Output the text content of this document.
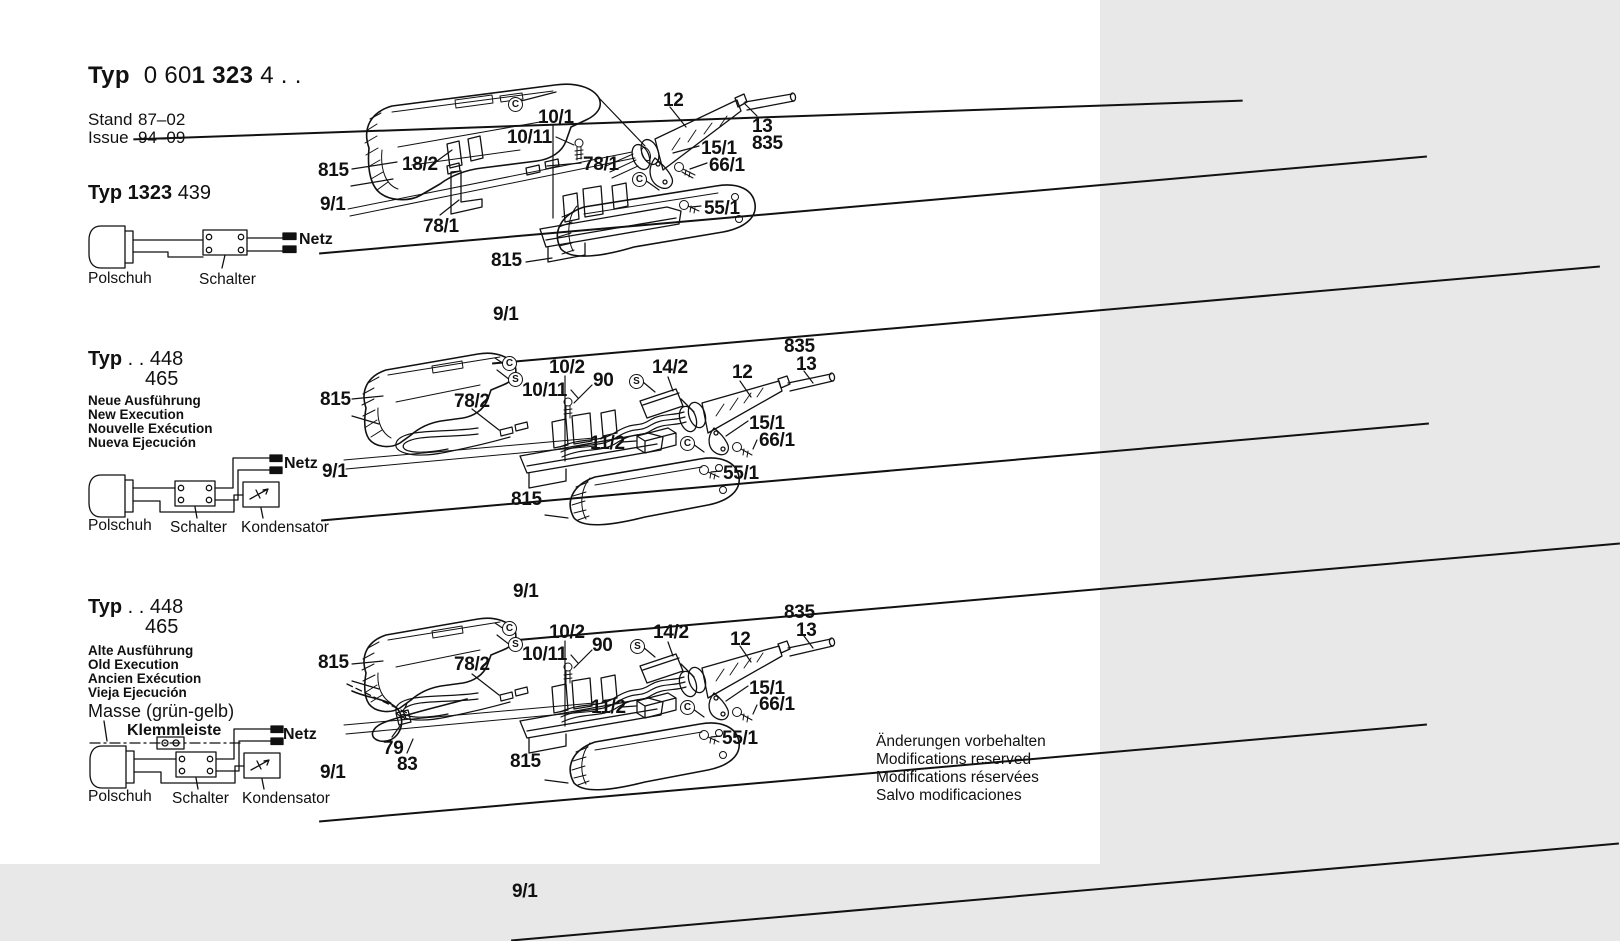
Typ 0 601 323 4 . .
Stand 87–02
Issue 94–09
Typ 1323 439
Netz
Polschuh	Schalter
815
9/1
18/2
78/1
10/1
10/11
78/1
12
13
835
15/1
66/1
55/1
815
9/1
C
C
Typ . . 448
465
Neue Ausführung
New Execution
Nouvelle Exécution
Nueva Ejecución
Netz
Polschuh Schalter Kondensator
815
9/1
78/2
10/2
10/11 90
14/2 12
835
13
15/1
66/1
11/2
55/1
815
9/1
C
S	S
C
Typ . . 448
465
Alte Ausführung
Old Execution
Ancien Exécution
Vieja Ejecución
Masse (grün-gelb)
Klemmleiste	Netz
Polschuh Schalter Kondensator
815
9/1
78/2
10/2
10/11 90
14/2 12
835
13
15/1
66/1
11/2
55/1
79
83	815
9/1
C
S	S
C
Änderungen vorbehalten
Modifications reserved
Modifications réservées
Salvo modificaciones
